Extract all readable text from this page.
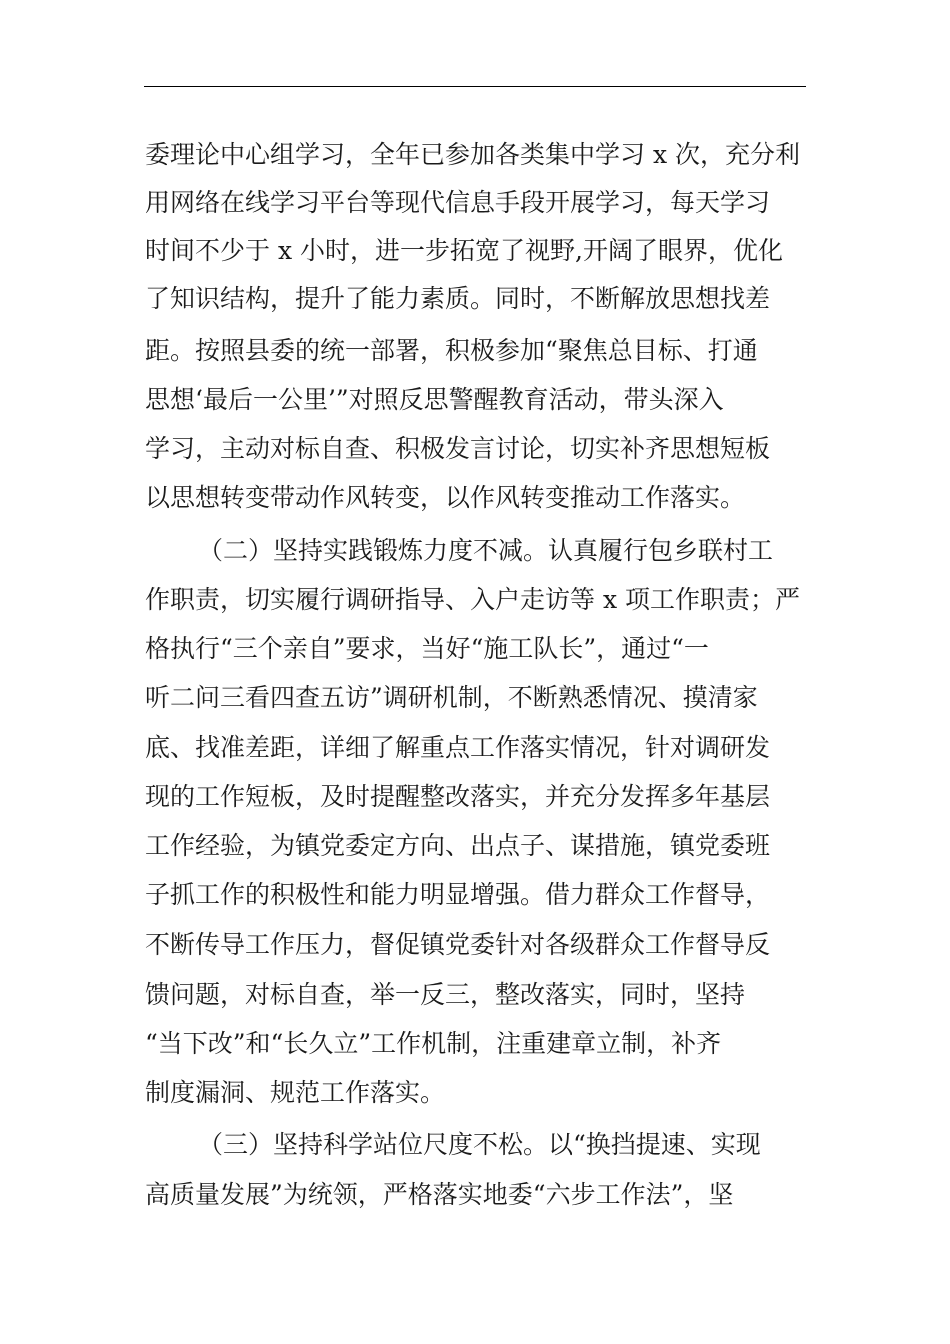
委理论中心组学习，全年已参加各类集中学习 x 次，充分利
用网络在线学习平台等现代信息手段开展学习，每天学习
时间不少于 x 小时，进一步拓宽了视野,开阔了眼界，优化
了知识结构，提升了能力素质。同时，不断解放思想找差
距。按照县委的统一部署，积极参加“聚焦总目标、打通
思想‘最后一公里’”对照反思警醒教育活动，带头深入
学习，主动对标自查、积极发言讨论，切实补齐思想短板
以思想转变带动作风转变，以作风转变推动工作落实。
（二）坚持实践锻炼力度不减。认真履行包乡联村工
作职责，切实履行调研指导、入户走访等 x 项工作职责；严
格执行“三个亲自”要求，当好“施工队长”，通过“一
听二问三看四查五访”调研机制，不断熟悉情况、摸清家
底、找准差距，详细了解重点工作落实情况，针对调研发
现的工作短板，及时提醒整改落实，并充分发挥多年基层
工作经验，为镇党委定方向、出点子、谋措施，镇党委班
子抓工作的积极性和能力明显增强。借力群众工作督导，
不断传导工作压力，督促镇党委针对各级群众工作督导反
馈问题，对标自查，举一反三，整改落实，同时，坚持
“当下改”和“长久立”工作机制，注重建章立制，补齐
制度漏洞、规范工作落实。
（三）坚持科学站位尺度不松。以“换挡提速、实现
高质量发展”为统领，严格落实地委“六步工作法”，坚
